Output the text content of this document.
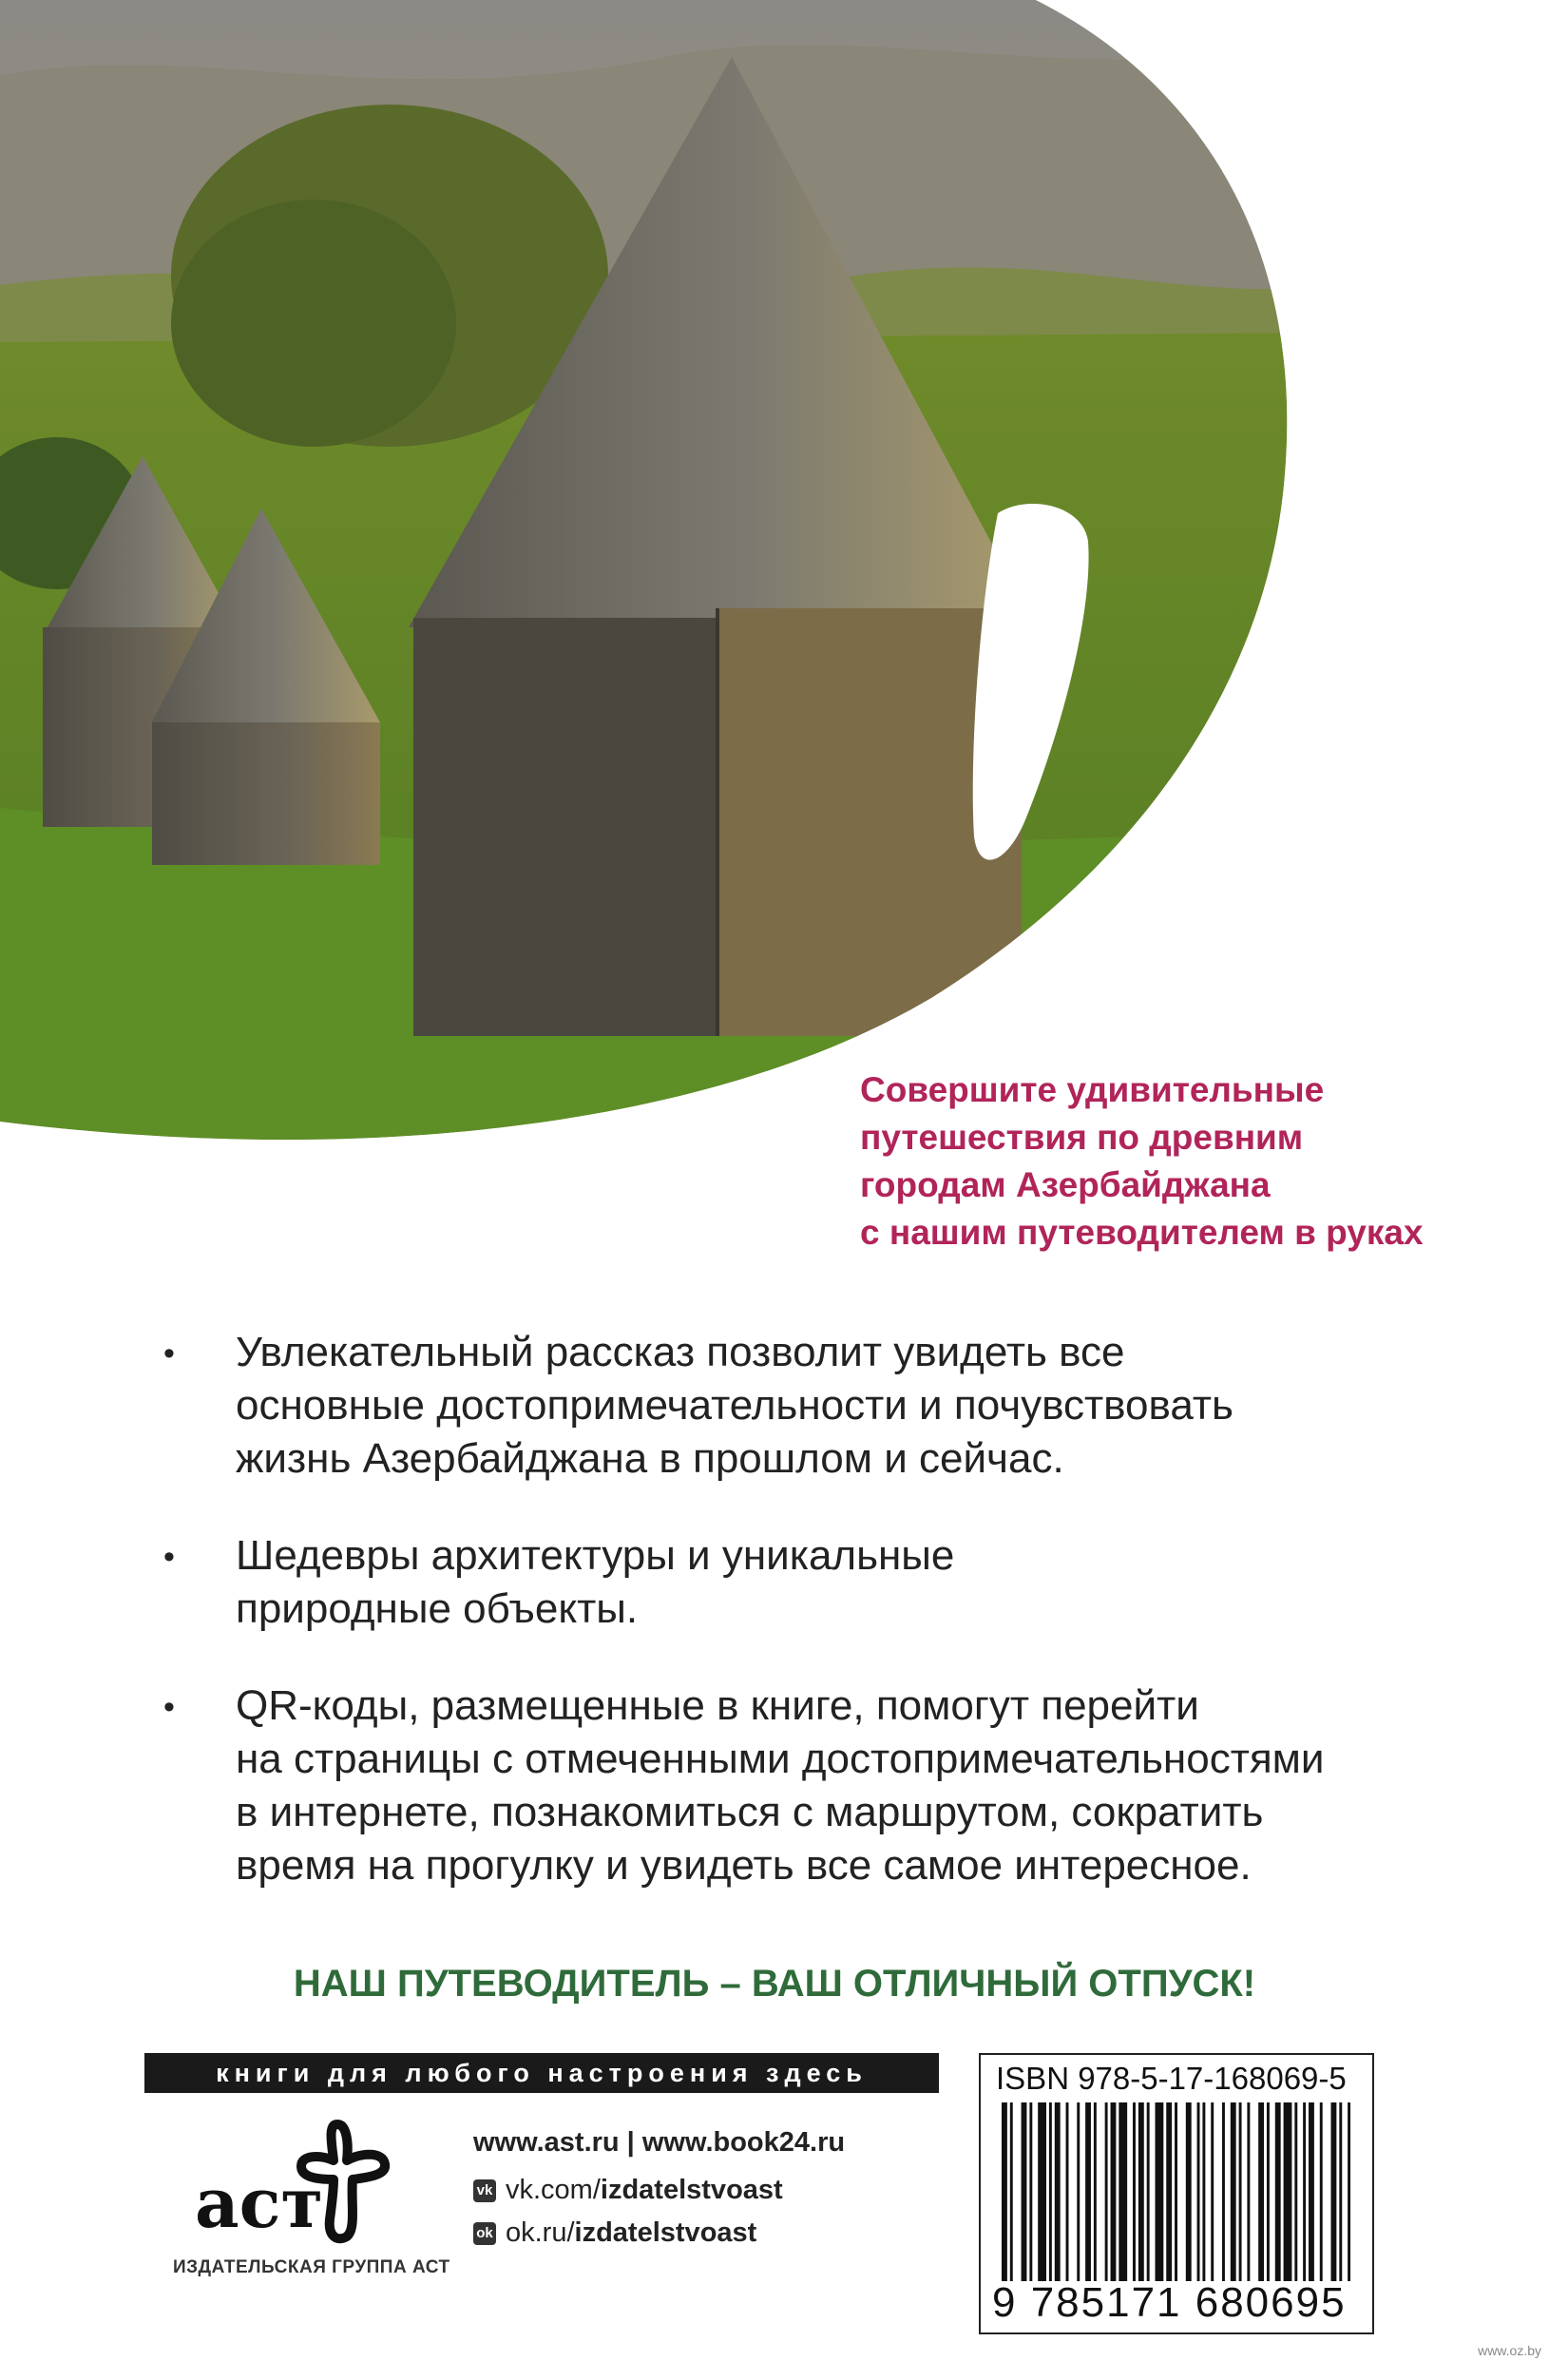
Совершите удивительные
путешествия по древним
городам Азербайджана
с нашим путеводителем в руках
• Увлекательный рассказ позволит увидеть все
основные достопримечательности и почувствовать
жизнь Азербайджана в прошлом и сейчас.
• Шедевры архитектуры и уникальные
природные объекты.
• QR-коды, размещенные в книге, помогут перейти
на страницы с отмеченными достопримечательностями
в интернете, познакомиться с маршрутом, сократить
время на прогулку и увидеть все самое интересное.
НАШ ПУТЕВОДИТЕЛЬ – ВАШ ОТЛИЧНЫЙ ОТПУСК!
книги для любого настроения здесь
аст
ИЗДАТЕЛЬСКАЯ ГРУППА АСТ
www.ast.ru | www.book24.ru
vk vk.com/ izdatelstvoast
ok ok.ru/ izdatelstvoast
ISBN 978-5-17-168069-5
9 785171 680695
www.oz.by
